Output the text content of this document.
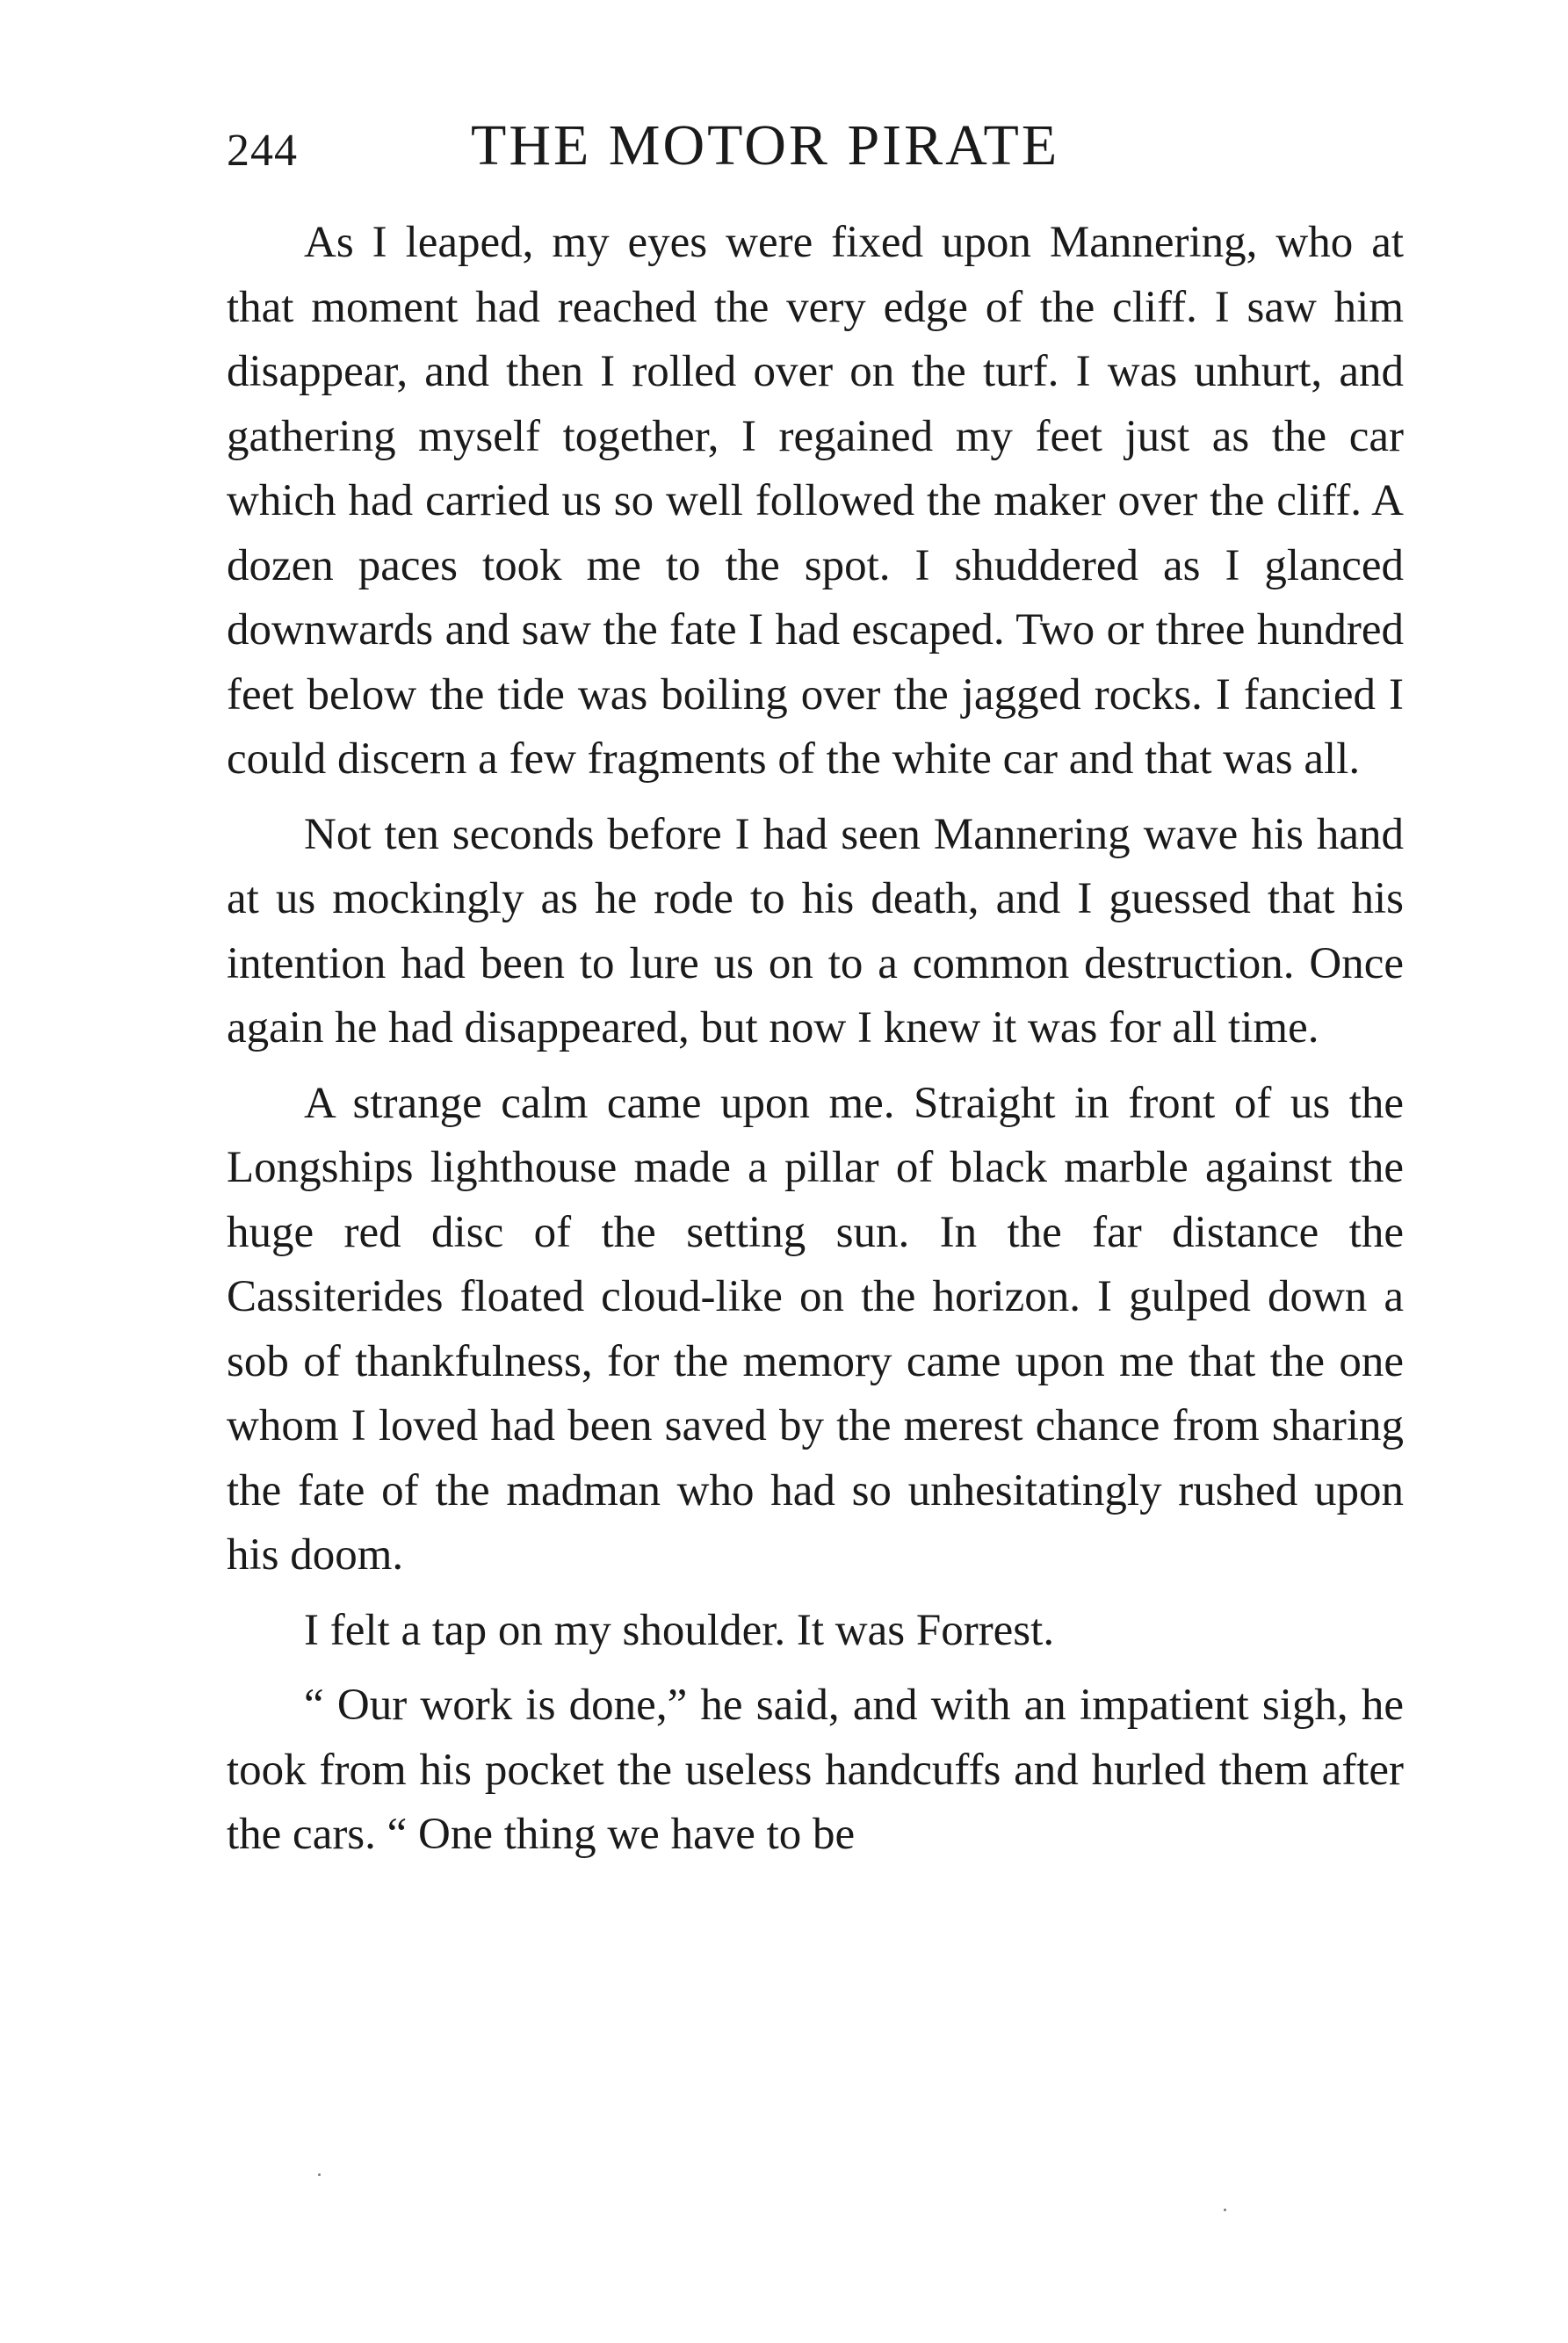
244	THE MOTOR PIRATE

As I leaped, my eyes were fixed upon Mannering, who at that moment had reached the very edge of the cliff. I saw him disappear, and then I rolled over on the turf. I was unhurt, and gathering myself together, I regained my feet just as the car which had carried us so well followed the maker over the cliff. A dozen paces took me to the spot. I shuddered as I glanced downwards and saw the fate I had escaped. Two or three hundred feet below the tide was boiling over the jagged rocks. I fancied I could discern a few fragments of the white car and that was all.

Not ten seconds before I had seen Mannering wave his hand at us mockingly as he rode to his death, and I guessed that his intention had been to lure us on to a common destruction. Once again he had disappeared, but now I knew it was for all time.

A strange calm came upon me. Straight in front of us the Longships lighthouse made a pillar of black marble against the huge red disc of the setting sun. In the far distance the Cassiterides floated cloud-like on the horizon. I gulped down a sob of thankfulness, for the memory came upon me that the one whom I loved had been saved by the merest chance from sharing the fate of the madman who had so unhesitatingly rushed upon his doom.

I felt a tap on my shoulder. It was Forrest.

“ Our work is done,” he said, and with an impatient sigh, he took from his pocket the useless handcuffs and hurled them after the cars. “ One thing we have to be
